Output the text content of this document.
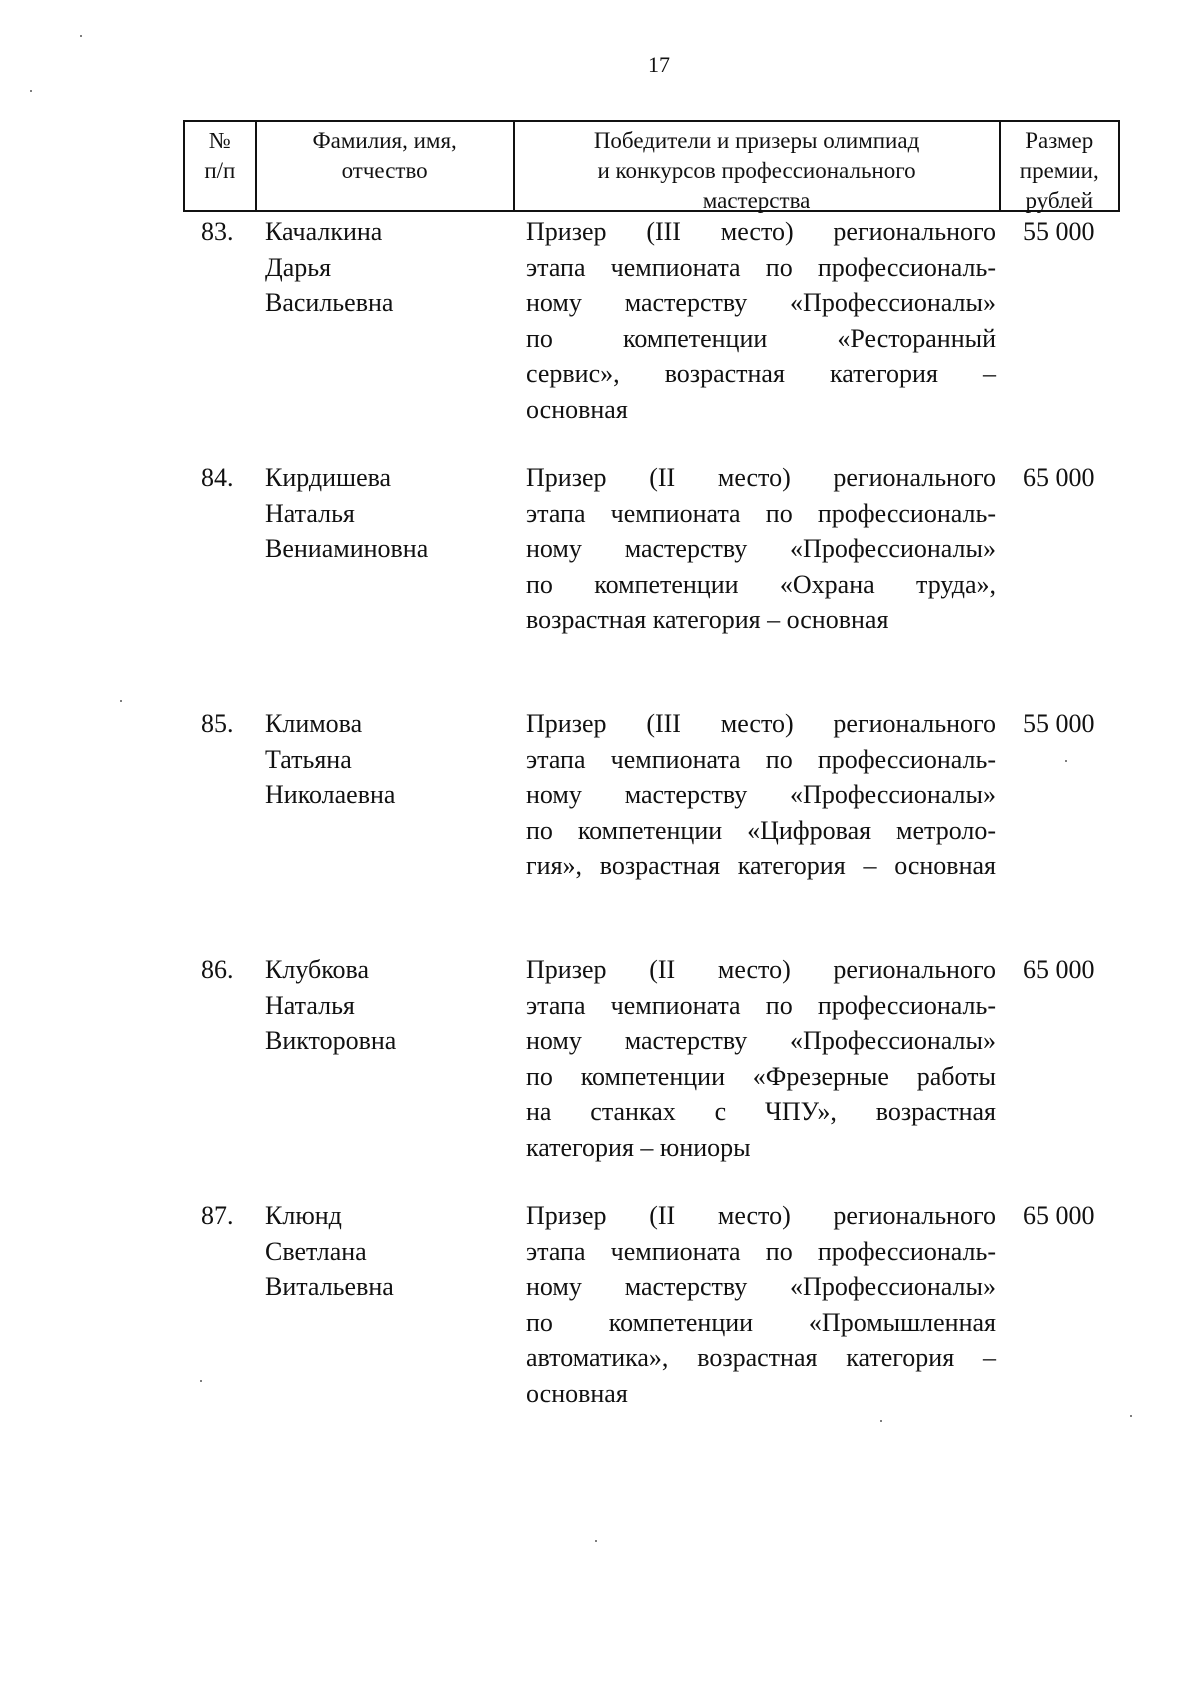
17
№
п/п
Фамилия, имя,
отчество
Победители и призеры олимпиад
и конкурсов профессионального
мастерства
Размер
премии,
рублей
83. Качалкина
Дарья
Васильевна
Призер (III место) регионального
этапа чемпионата по профессиональ-
ному мастерству «Профессионалы»
по компетенции «Ресторанный
сервис», возрастная категория –
основная
55 000
84. Кирдишева
Наталья
Вениаминовна
Призер (II место) регионального
этапа чемпионата по профессиональ-
ному мастерству «Профессионалы»
по компетенции «Охрана труда»,
возрастная категория – основная
65 000
85. Климова
Татьяна
Николаевна
Призер (III место) регионального
этапа чемпионата по профессиональ-
ному мастерству «Профессионалы»
по компетенции «Цифровая метроло-
гия», возрастная категория – основная
55 000
86. Клубкова
Наталья
Викторовна
Призер (II место) регионального
этапа чемпионата по профессиональ-
ному мастерству «Профессионалы»
по компетенции «Фрезерные работы
на станках с ЧПУ», возрастная
категория – юниоры
65 000
87. Клюнд
Светлана
Витальевна
Призер (II место) регионального
этапа чемпионата по профессиональ-
ному мастерству «Профессионалы»
по компетенции «Промышленная
автоматика», возрастная категория –
основная
65 000
